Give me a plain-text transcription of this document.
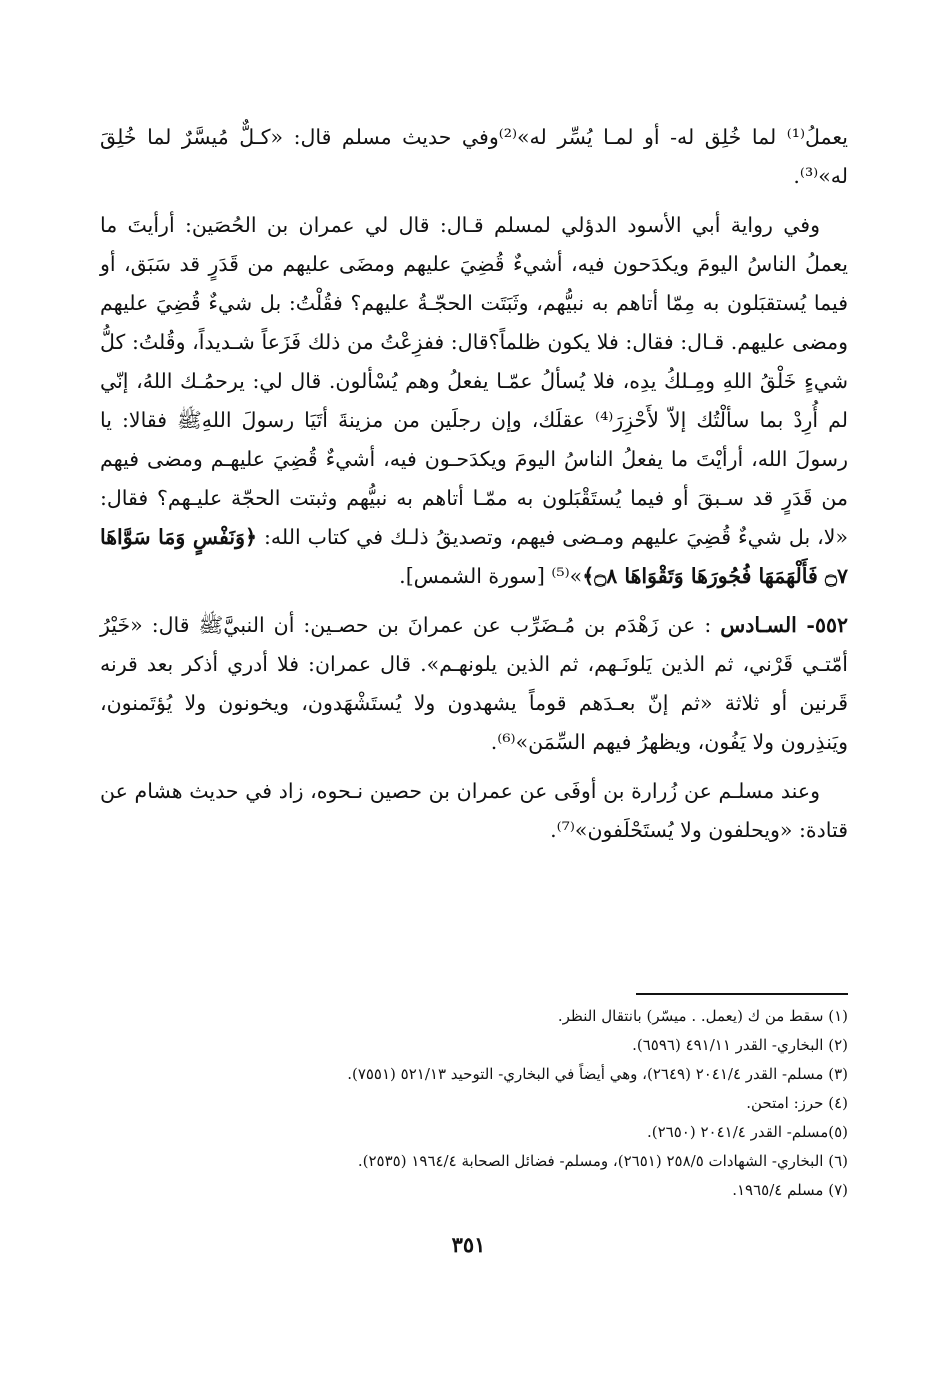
يعملُ⁽¹⁾ لما خُلِق له- أو لمـا يُسِّر له»⁽²⁾وفي حديث مسلم قال: «كـلٌّ مُيسَّرٌ لما خُلِقَ له»⁽³⁾.

وفي رواية أبي الأسود الدؤلي لمسلم قـال: قال لي عمران بن الحُصَين: أرأيتَ ما يعملُ الناسُ اليومَ ويكدَحون فيه، أشيءٌ قُضِيَ عليهم ومضَى عليهم من قَدَرٍ قد سَبَق، أو فيما يُستقبَلون به مِمّا أتاهم به نبيُّهم، وثَبَتَت الحجّـةُ عليهم؟ فقُلْتُ: بل شيءٌ قُضِيَ عليهم ومضى عليهم. قـال: فقال: فلا يكون ظلماً؟قال: ففزِعْتُ من ذلك فَزَعاً شـديداً، وقُلتُ: كلُّ شيءٍ خَلْقُ اللهِ ومِـلكُ يدِه، فلا يُسألُ عمّـا يفعلُ وهم يُسْألون. قال لي: يرحمُـك اللهُ، إنّي لم أُرِدْ بما سألْتُك إلاّ لأَحْزِرَ⁽⁴⁾ عقلَك، وإن رجلَين من مزينةَ أتَيَا رسولَ اللهِﷺ فقالا: يا رسولَ الله، أرأيْتَ ما يفعلُ الناسُ اليومَ ويكدَحـون فيه، أشيءٌ قُضِيَ عليهـم ومضى فيهم من قَدَرٍ قد سـبقَ أو فيما يُستَقْبَلون به ممّـا أتاهم به نبيُّهم وثبتت الحجّة عليـهم؟ فقال: «لا، بل شيءٌ قُضِيَ عليهم ومـضى فيهم، وتصديقُ ذلـك في كتاب الله: ﴿وَنَفْسٍ وَمَا سَوَّاهَا ۝٧ فَأَلْهَمَهَا فُجُورَهَا وَتَقْوَاهَا ۝٨﴾»⁽⁵⁾ [سورة الشمس].

٥٥٢- السـادس : عن زَهْدَم بن مُـضَرِّب عن عمرانَ بن حصـين: أن النبيَّﷺ قال: «خَيْرُ أمّتـي قَرْني، ثم الذين يَلونَـهم، ثم الذين يلونهـم». قال عمران: فلا أدري أذكر بعد قرنه قَرنين أو ثلاثة «ثم إنّ بعـدَهم قوماً يشهدون ولا يُستَشْهَدون، ويخونون ولا يُؤتَمنون، ويَنذِرون ولا يَفُون، ويظهرُ فيهم السِّمَن»⁽⁶⁾.

وعند مسلـم عن زُرارة بن أوفَى عن عمران بن حصين نـحوه، زاد في حديث هشام عن قتادة: «ويحلفون ولا يُستَحْلَفون»⁽⁷⁾.

(١) سقط من ك (يعمل. . ميسّر) بانتقال النظر.
(٢) البخاري- القدر ٤٩١/١١ (٦٥٩٦).
(٣) مسلم- القدر ٢٠٤١/٤ (٢٦٤٩)، وهي أيضاً في البخاري- التوحيد ٥٢١/١٣ (٧٥٥١).
(٤) حرز: امتحن.
(٥)مسلم- القدر ٢٠٤١/٤ (٢٦٥٠).
(٦) البخاري- الشهادات ٢٥٨/٥ (٢٦٥١)، ومسلم- فضائل الصحابة ١٩٦٤/٤ (٢٥٣٥).
(٧) مسلم ١٩٦٥/٤.
٣٥١
